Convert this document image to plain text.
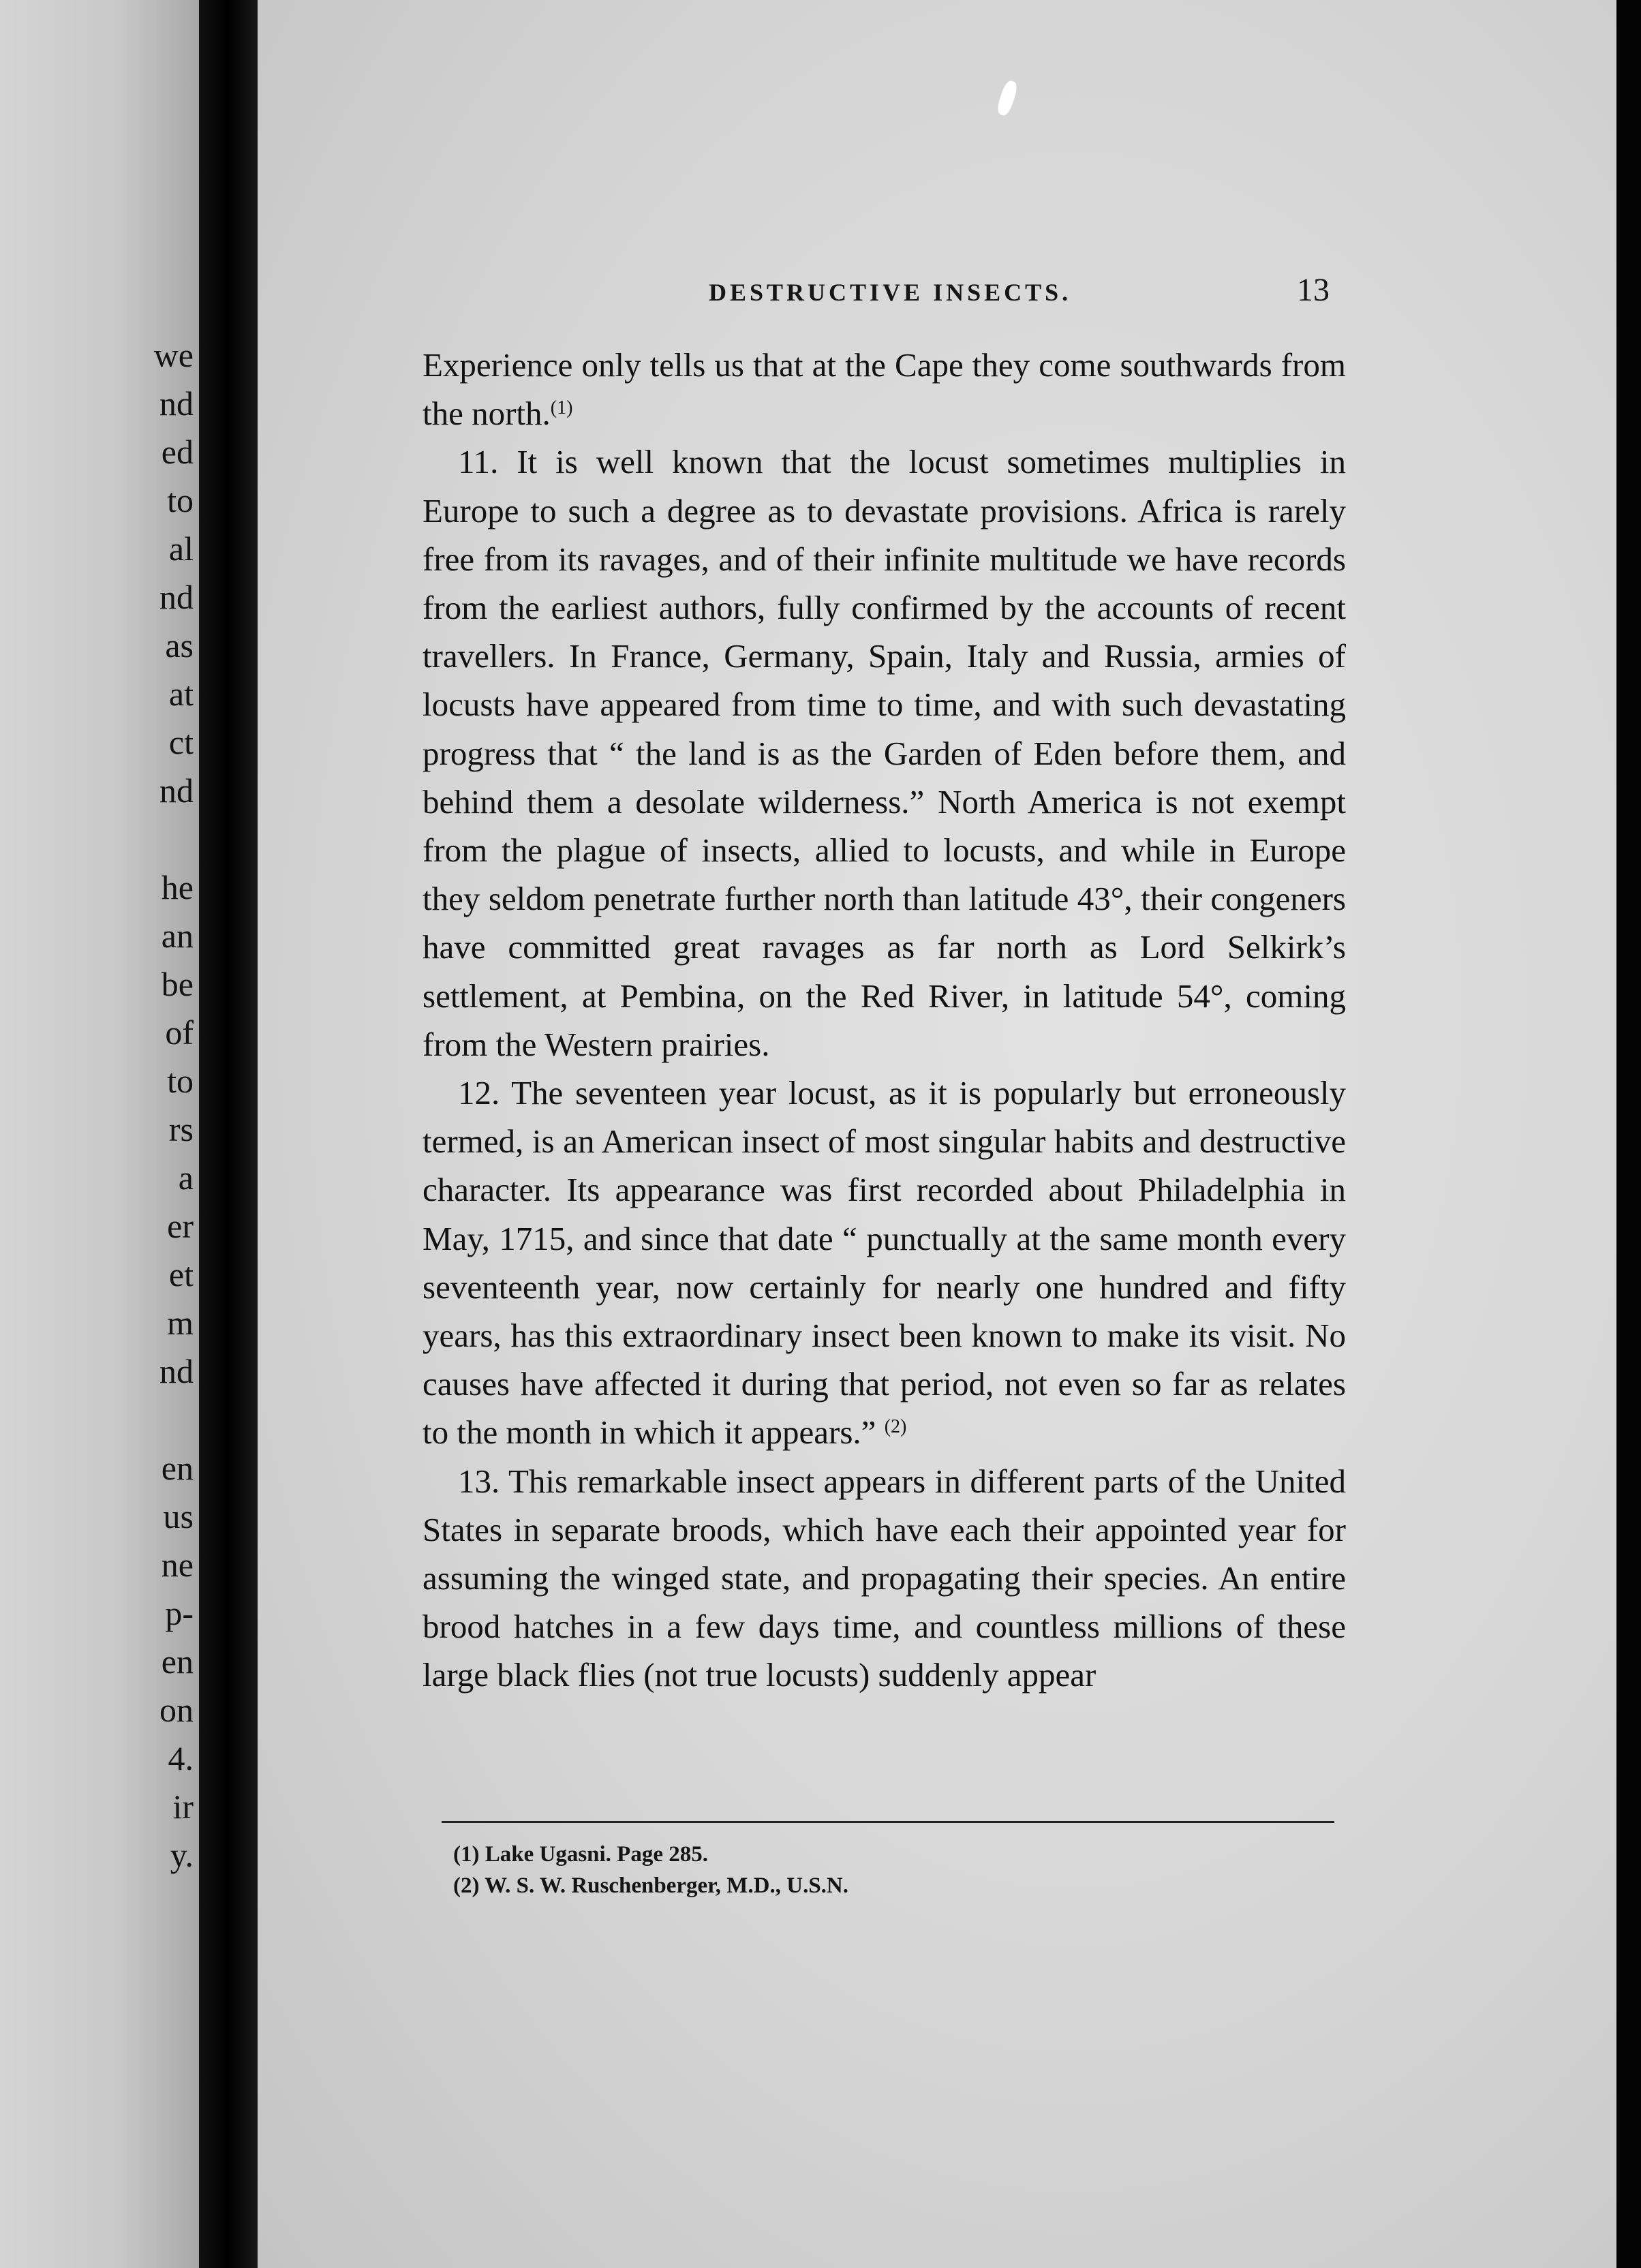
we
nd
ed
to
al
nd
as
at
ct
nd
he
an
be
of
to
rs
a
er
et
m
nd
en
us
ne
p-
en
on
4.
ir
y.
DESTRUCTIVE INSECTS.	13

Experience only tells us that at the Cape they come southwards from the north.$^{(1)}$

11. It is well known that the locust sometimes multiplies in Europe to such a degree as to devastate provisions. Africa is rarely free from its ravages, and of their infinite multitude we have records from the earliest authors, fully confirmed by the accounts of recent travellers. In France, Germany, Spain, Italy and Russia, armies of locusts have appeared from time to time, and with such devastating progress that “ the land is as the Garden of Eden before them, and behind them a desolate wilderness.” North America is not exempt from the plague of insects, allied to locusts, and while in Europe they seldom penetrate further north than latitude 43°, their congeners have committed great ravages as far north as Lord Selkirk’s settlement, at Pembina, on the Red River, in latitude 54°, coming from the Western prairies.

12. The seventeen year locust, as it is popularly but erroneously termed, is an American insect of most singular habits and destructive character. Its appearance was first recorded about Philadelphia in May, 1715, and since that date “ punctually at the same month every seventeenth year, now certainly for nearly one hundred and fifty years, has this extraordinary insect been known to make its visit. No causes have affected it during that period, not even so far as relates to the month in which it appears.” $^{(2)}$

13. This remarkable insect appears in different parts of the United States in separate broods, which have each their appointed year for assuming the winged state, and propagating their species. An entire brood hatches in a few days time, and countless millions of these large black flies (not true locusts) suddenly appear

(1) Lake Ugasni. Page 285.
(2) W. S. W. Ruschenberger, M.D., U.S.N.
